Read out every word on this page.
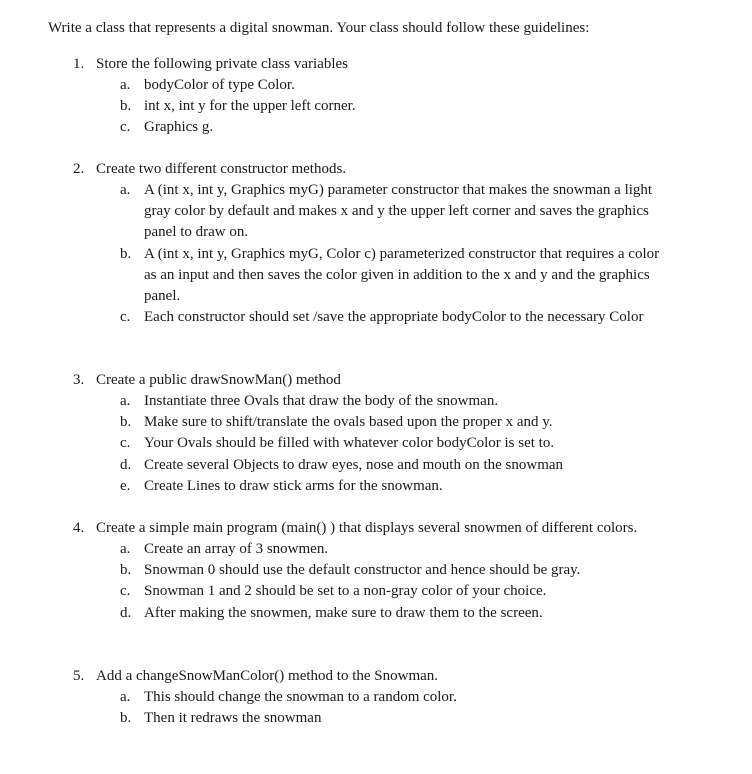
Write a class that represents a digital snowman. Your class should follow these guidelines:
1. Store the following private class variables
a. bodyColor of type Color.
b. int x, int y for the upper left corner.
c. Graphics g.
2. Create two different constructor methods.
a. A (int x, int y, Graphics myG) parameter constructor that makes the snowman a light gray color by default and makes x and y the upper left corner and saves the graphics panel to draw on.
b. A (int x, int y, Graphics myG, Color c) parameterized constructor that requires a color as an input and then saves the color given in addition to the x and y and the graphics panel.
c. Each constructor should set /save the appropriate bodyColor to the necessary Color
3. Create a public drawSnowMan() method
a. Instantiate three Ovals that draw the body of the snowman.
b. Make sure to shift/translate the ovals based upon the proper x and y.
c. Your Ovals should be filled with whatever color bodyColor is set to.
d. Create several Objects to draw eyes, nose and mouth on the snowman
e. Create Lines to draw stick arms for the snowman.
4. Create a simple main program (main() ) that displays several snowmen of different colors.
a. Create an array of 3 snowmen.
b. Snowman 0 should use the default constructor and hence should be gray.
c. Snowman 1 and 2 should be set to a non-gray color of your choice.
d. After making the snowmen, make sure to draw them to the screen.
5. Add a changeSnowManColor() method to the Snowman.
a. This should change the snowman to a random color.
b. Then it redraws the snowman
